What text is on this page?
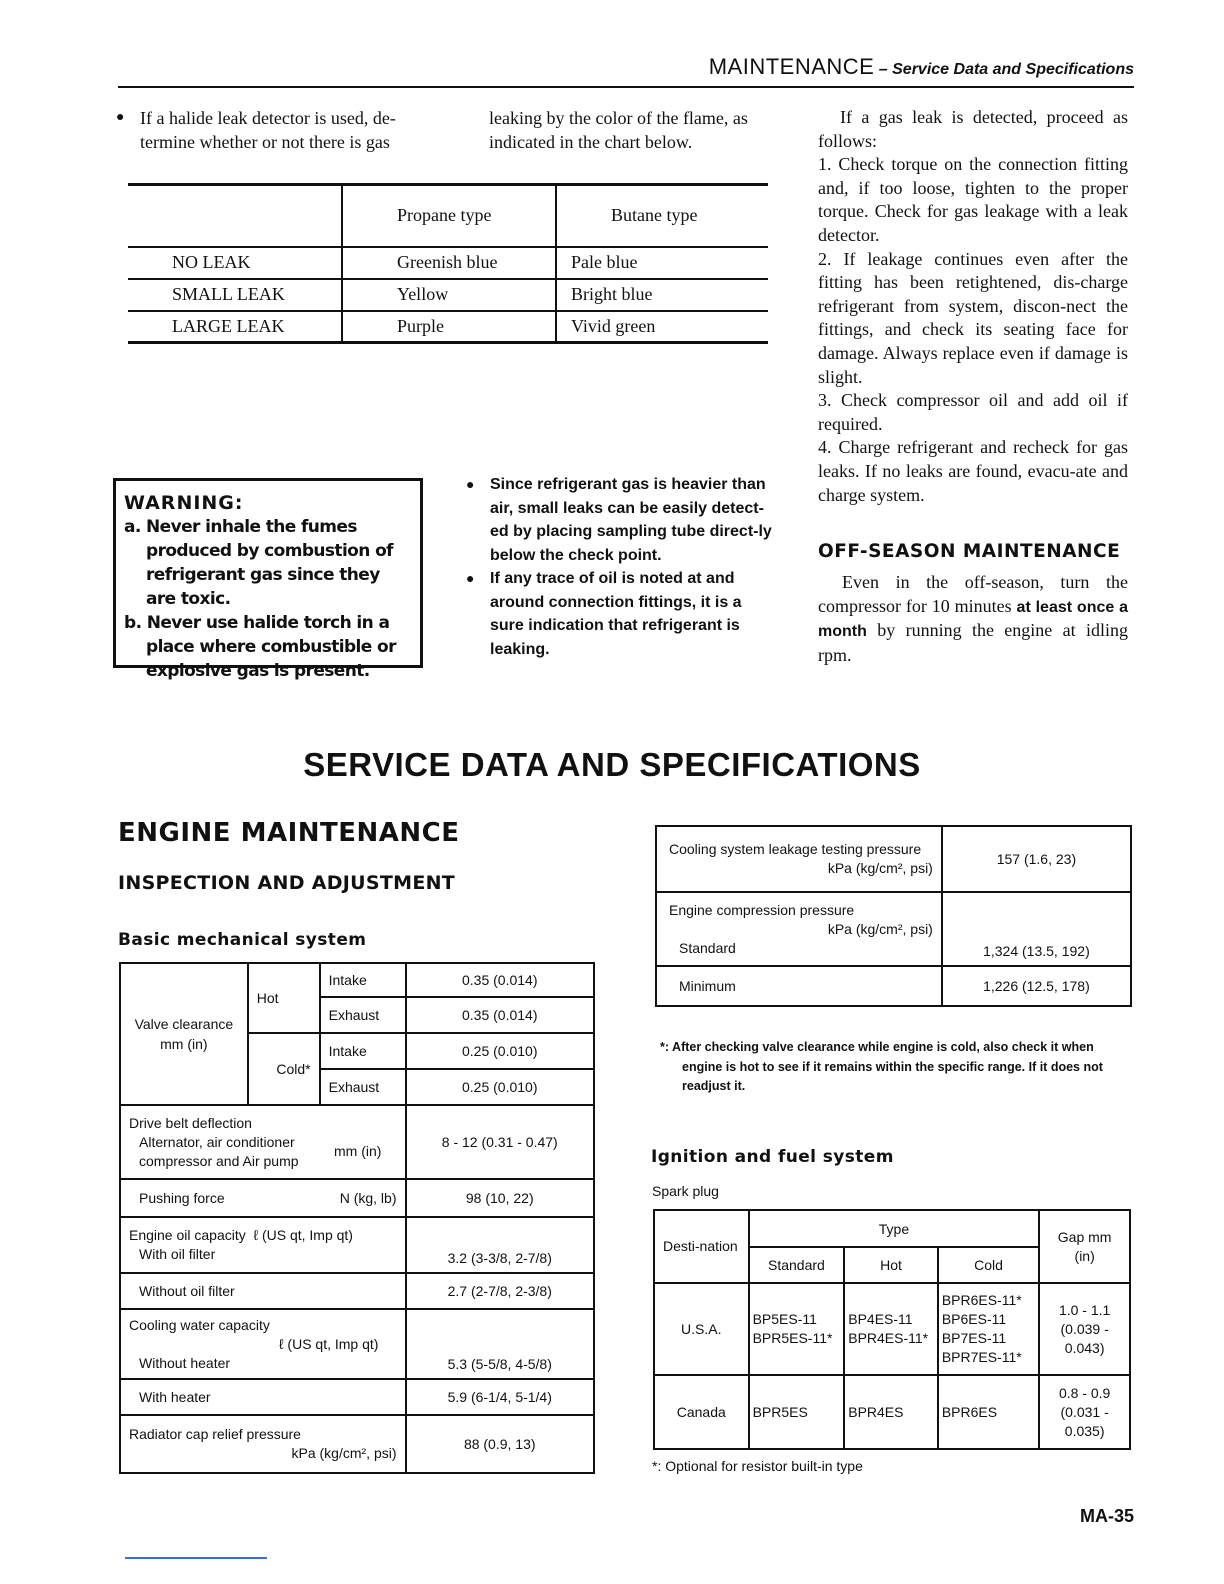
MAINTENANCE – Service Data and Specifications
● If a halide leak detector is used, de-termine whether or not there is gas
leaking by the color of the flame, as indicated in the chart below.
	Propane type	Butane type
NO LEAK	Greenish blue	Pale blue
SMALL LEAK	Yellow	Bright blue
LARGE LEAK	Purple	Vivid green
WARNING:
a. Never inhale the fumes produced by combustion of refrigerant gas since they are toxic.
b. Never use halide torch in a place where combustible or explosive gas is present.
● Since refrigerant gas is heavier than air, small leaks can be easily detect-ed by placing sampling tube direct-ly below the check point.
● If any trace of oil is noted at and around connection fittings, it is a sure indication that refrigerant is leaking.
If a gas leak is detected, proceed as follows:
1. Check torque on the connection fitting and, if too loose, tighten to the proper torque. Check for gas leakage with a leak detector.
2. If leakage continues even after the fitting has been retightened, dis-charge refrigerant from system, discon-nect the fittings, and check its seating face for damage. Always replace even if damage is slight.
3. Check compressor oil and add oil if required.
4. Charge refrigerant and recheck for gas leaks. If no leaks are found, evacu-ate and charge system.
OFF-SEASON MAINTENANCE
Even in the off-season, turn the compressor for 10 minutes at least once a month by running the engine at idling rpm.
SERVICE DATA AND SPECIFICATIONS
ENGINE MAINTENANCE
INSPECTION AND ADJUSTMENT
Basic mechanical system
Valve clearance
mm (in)	Hot	Intake	0.35 (0.014)
		Exhaust	0.35 (0.014)
	Cold*	Intake	0.25 (0.010)
		Exhaust	0.25 (0.010)

Drive belt deflection
Alternator, air conditioner compressor and Air pump
mm (in)			8 - 12 (0.31 - 0.47)

Pushing force N (kg, lb)			98 (10, 22)

Engine oil capacity ℓ (US qt, Imp qt)
With oil filter			3.2 (3-3/8, 2-7/8)
Without oil filter			2.7 (2-7/8, 2-3/8)

Cooling water capacity
ℓ (US qt, Imp qt)
Without heater			5.3 (5-5/8, 4-5/8)
With heater			5.9 (6-1/4, 5-1/4)

Radiator cap relief pressure
kPa (kg/cm², psi)			88 (0.9, 13)
Cooling system leakage testing pressure
kPa (kg/cm², psi)	157 (1.6, 23)

Engine compression pressure
kPa (kg/cm², psi)
Standard	1,324 (13.5, 192)
Minimum	1,226 (12.5, 178)
*: After checking valve clearance while engine is cold, also check it when engine is hot to see if it remains within the specific range. If it does not readjust it.
Ignition and fuel system
Spark plug
Desti-nation	Type			Gap mm (in)
	Standard	Hot	Cold	
U.S.A.	BP5ES-11 BPR5ES-11*	BP4ES-11 BPR4ES-11*	BPR6ES-11* BP6ES-11 BP7ES-11 BPR7ES-11*	1.0 - 1.1 (0.039 - 0.043)
Canada	BPR5ES	BPR4ES	BPR6ES	0.8 - 0.9 (0.031 - 0.035)
*: Optional for resistor built-in type
MA-35
